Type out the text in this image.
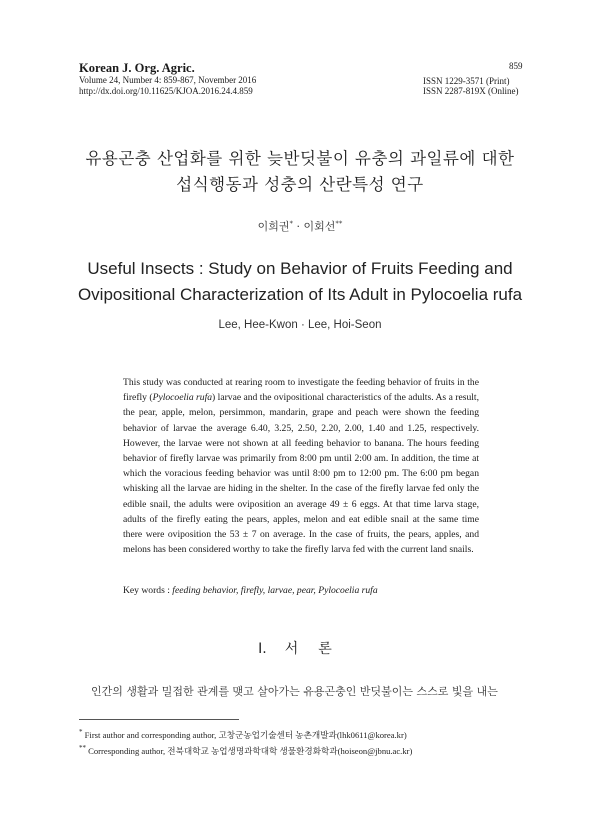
859
Korean J. Org. Agric.
Volume 24, Number 4: 859-867, November 2016
http://dx.doi.org/10.11625/KJOA.2016.24.4.859
ISSN 1229-3571 (Print)
ISSN 2287-819X (Online)
유용곤충 산업화를 위한 늦반딧불이 유충의 과일류에 대한
섭식행동과 성충의 산란특성 연구
이희권* · 이회선**
Useful Insects : Study on Behavior of Fruits Feeding and
Ovipositional Characterization of Its Adult in Pylocoelia rufa
Lee, Hee-Kwon · Lee, Hoi-Seon

This study was conducted at rearing room to investigate the feeding behavior of fruits in the firefly (Pylocoelia rufa) larvae and the ovipositional characteristics of the adults. As a result, the pear, apple, melon, persimmon, mandarin, grape and peach were shown the feeding behavior of larvae the average 6.40, 3.25, 2.50, 2.20, 2.00, 1.40 and 1.25, respectively. However, the larvae were not shown at all feeding behavior to banana. The hours feeding behavior of firefly larvae was primarily from 8:00 pm until 2:00 am. In addition, the time at which the voracious feeding behavior was until 8:00 pm to 12:00 pm. The 6:00 pm began whisking all the larvae are hiding in the shelter. In the case of the firefly larvae fed only the edible snail, the adults were oviposition an average 49 ± 6 eggs. At that time larva stage, adults of the firefly eating the pears, apples, melon and eat edible snail at the same time there were oviposition the 53 ± 7 on average. In the case of fruits, the pears, apples, and melons has been considered worthy to take the firefly larva fed with the current land snails.

Key words : feeding behavior, firefly, larvae, pear, Pylocoelia rufa

Ⅰ. 서 론

인간의 생활과 밀접한 관계를 맺고 살아가는 유용곤충인 반딧불이는 스스로 빛을 내는

* First author and corresponding author, 고창군농업기술센터 농촌개발과(lhk0611@korea.kr)
** Corresponding author, 전북대학교 농업생명과학대학 생물환경화학과(hoiseon@jbnu.ac.kr)
